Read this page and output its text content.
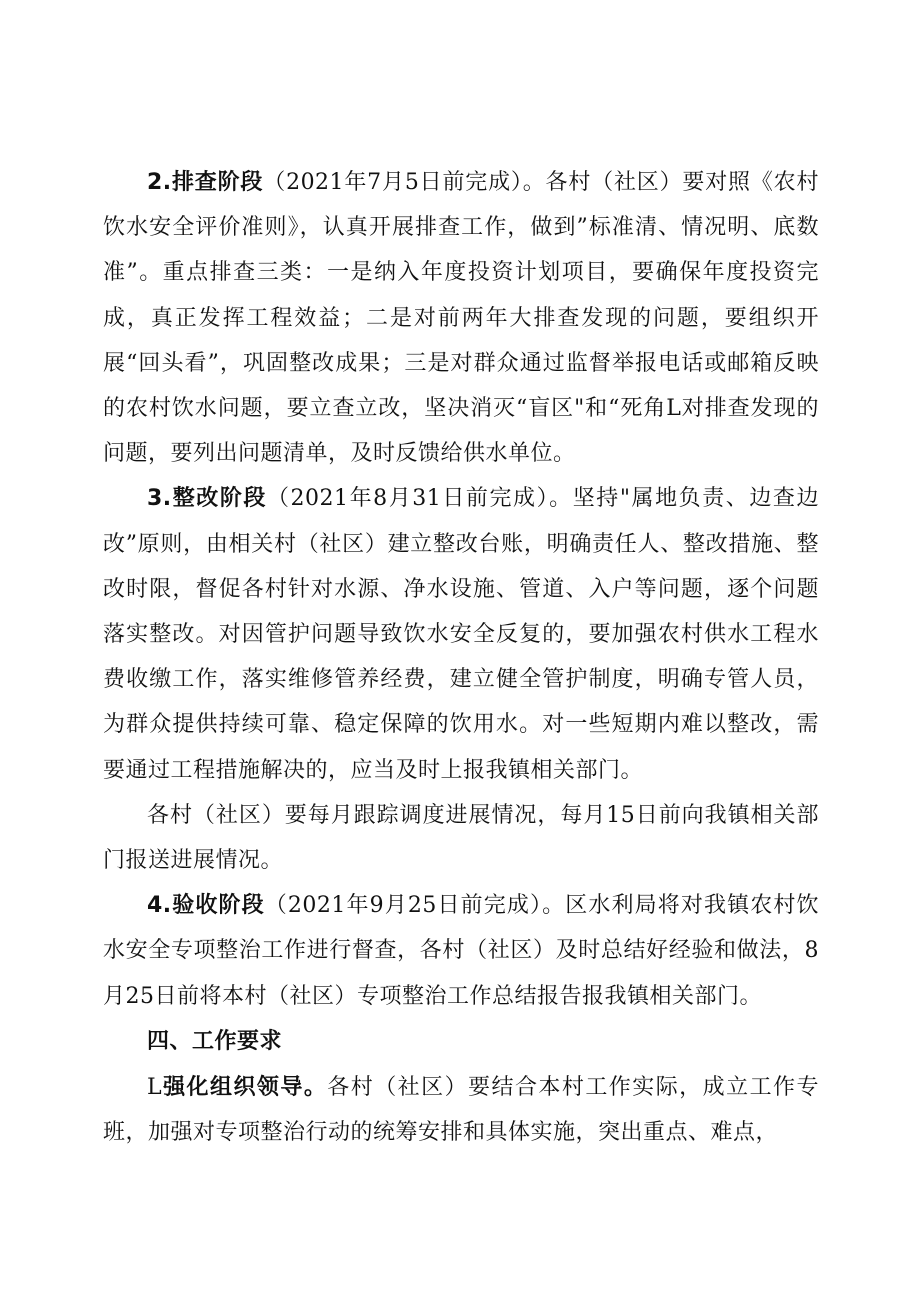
2.排查阶段（2021年7月5日前完成）。各村（社区）要对照《农村饮水安全评价准则》，认真开展排查工作，做到”标准清、情况明、底数准”。重点排查三类：一是纳入年度投资计划项目，要确保年度投资完成，真正发挥工程效益；二是对前两年大排查发现的问题，要组织开展“回头看”，巩固整改成果；三是对群众通过监督举报电话或邮箱反映的农村饮水问题，要立查立改，坚决消灭“盲区"和“死角L对排查发现的问题，要列出问题清单，及时反馈给供水单位。

3.整改阶段（2021年8月31日前完成）。坚持"属地负责、边查边改”原则，由相关村（社区）建立整改台账，明确责任人、整改措施、整改时限，督促各村针对水源、净水设施、管道、入户等问题，逐个问题落实整改。对因管护问题导致饮水安全反复的，要加强农村供水工程水费收缴工作，落实维修管养经费，建立健全管护制度，明确专管人员，为群众提供持续可靠、稳定保障的饮用水。对一些短期内难以整改，需要通过工程措施解决的，应当及时上报我镇相关部门。

各村（社区）要每月跟踪调度进展情况，每月15日前向我镇相关部门报送进展情况。

4.验收阶段（2021年9月25日前完成）。区水利局将对我镇农村饮水安全专项整治工作进行督查，各村（社区）及时总结好经验和做法，8月25日前将本村（社区）专项整治工作总结报告报我镇相关部门。

四、工作要求

L强化组织领导。各村（社区）要结合本村工作实际，成立工作专班，加强对专项整治行动的统筹安排和具体实施，突出重点、难点，
